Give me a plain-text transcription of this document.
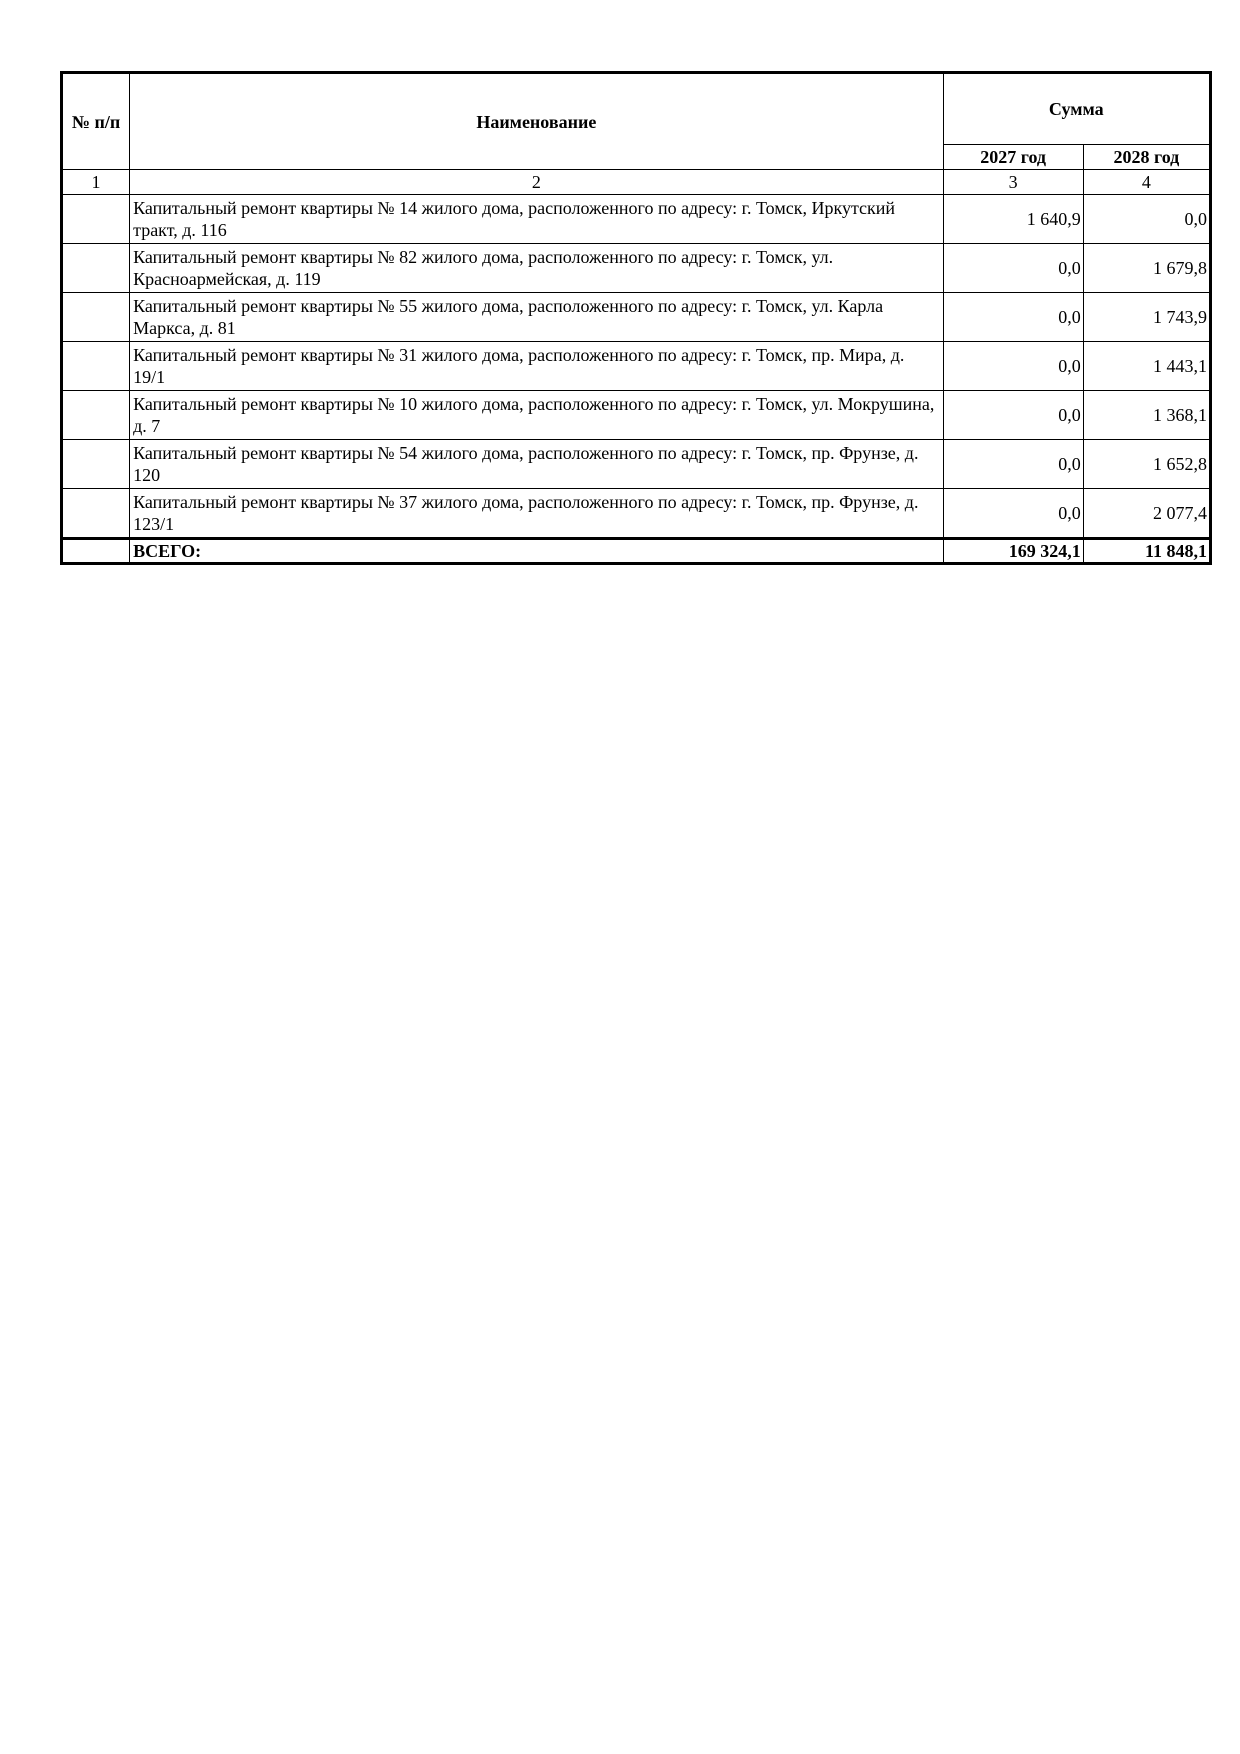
№ п/п	Наименование	Сумма	
		2027 год	2028 год
1	2	3	4
	Капитальный ремонт квартиры № 14 жилого дома, расположенного по адресу: г. Томск, Иркутский тракт, д. 116	1 640,9	0,0
	Капитальный ремонт квартиры № 82 жилого дома, расположенного по адресу: г. Томск, ул. Красноармейская, д. 119	0,0	1 679,8
	Капитальный ремонт квартиры № 55 жилого дома, расположенного по адресу: г. Томск, ул. Карла Маркса, д. 81	0,0	1 743,9
	Капитальный ремонт квартиры № 31 жилого дома, расположенного по адресу: г. Томск, пр. Мира, д. 19/1	0,0	1 443,1
	Капитальный ремонт квартиры № 10 жилого дома, расположенного по адресу: г. Томск, ул. Мокрушина, д. 7	0,0	1 368,1
	Капитальный ремонт квартиры № 54 жилого дома, расположенного по адресу: г. Томск, пр. Фрунзе, д. 120	0,0	1 652,8
	Капитальный ремонт квартиры № 37 жилого дома, расположенного по адресу: г. Томск, пр. Фрунзе, д. 123/1	0,0	2 077,4
	ВСЕГО:	169 324,1	11 848,1
